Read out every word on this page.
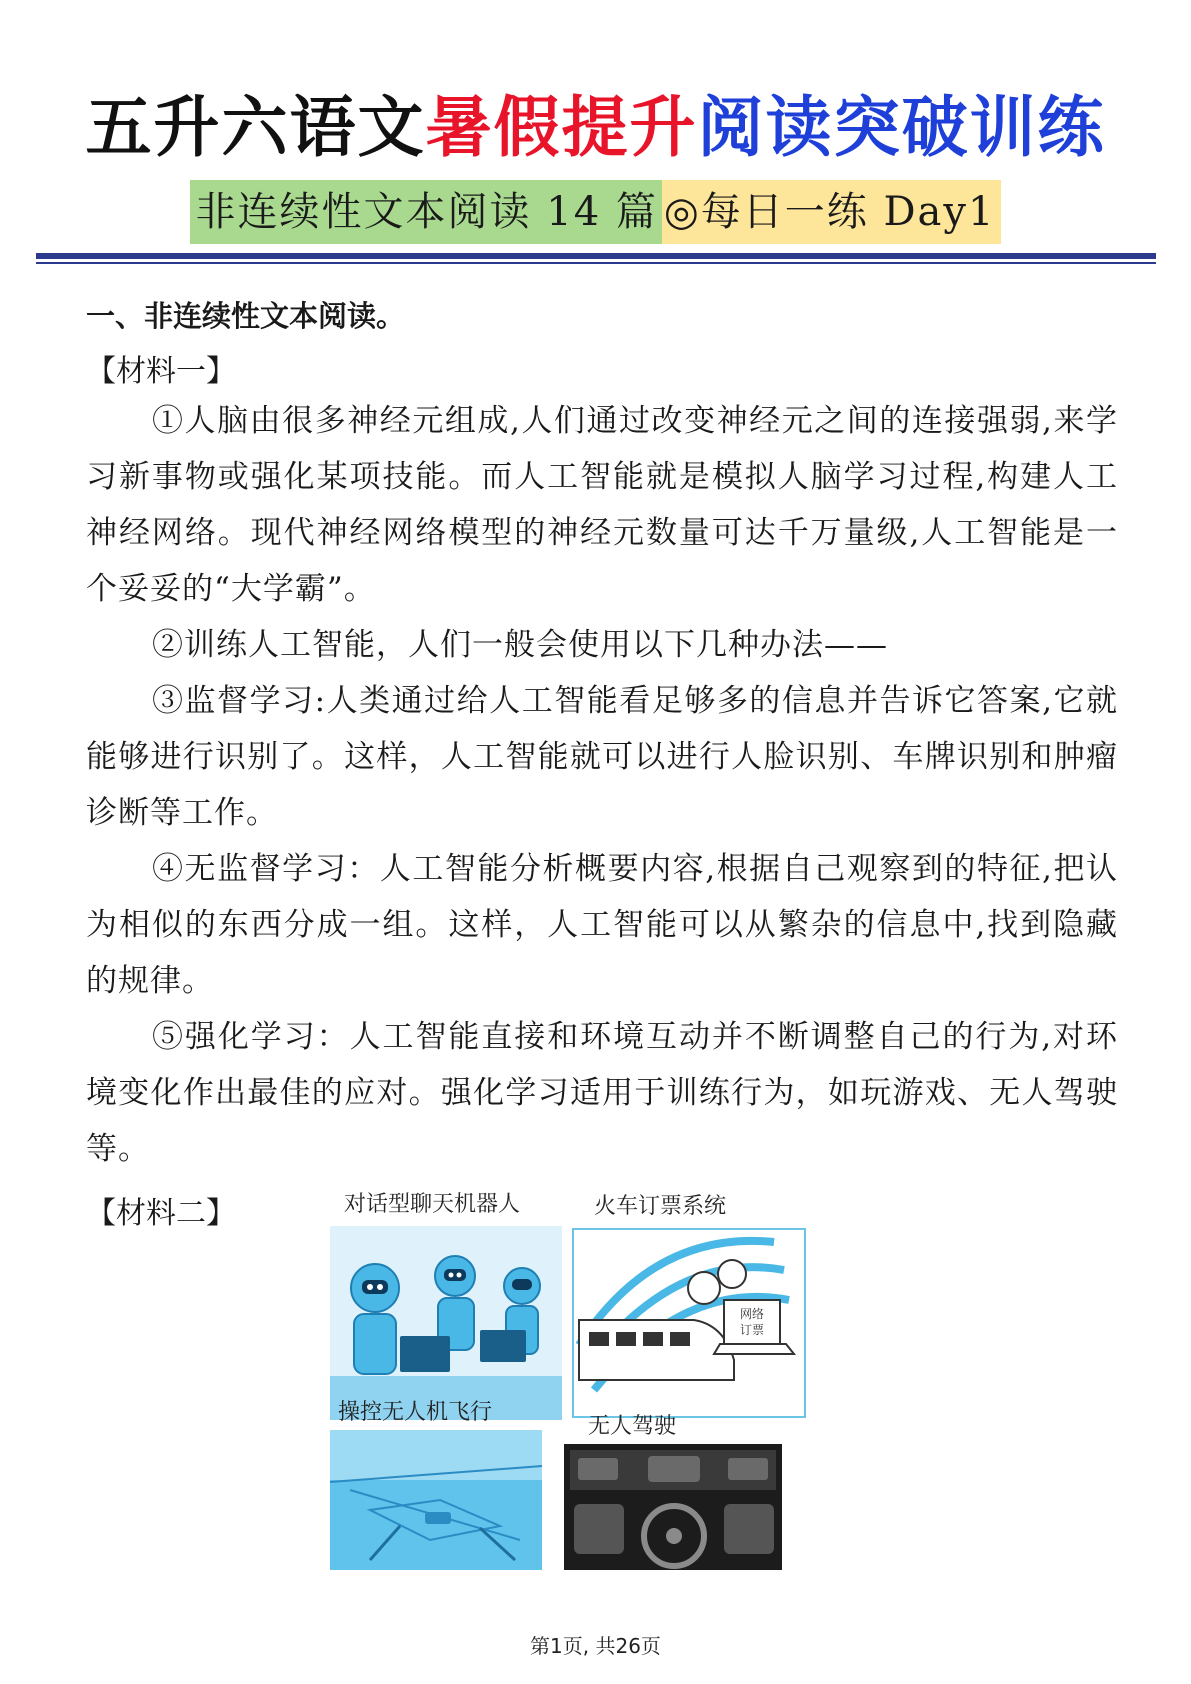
五升六语文暑假提升阅读突破训练
非连续性文本阅读 14 篇 ◎每日一练 Day1
一、非连续性文本阅读。
【材料一】

①人脑由很多神经元组成,人们通过改变神经元之间的连接强弱,来学习新事物或强化某项技能。而人工智能就是模拟人脑学习过程,构建人工神经网络。现代神经网络模型的神经元数量可达千万量级,人工智能是一个妥妥的“大学霸”。

②训练人工智能，人们一般会使用以下几种办法——

③监督学习:人类通过给人工智能看足够多的信息并告诉它答案,它就能够进行识别了。这样，人工智能就可以进行人脸识别、车牌识别和肿瘤诊断等工作。

④无监督学习：人工智能分析概要内容,根据自己观察到的特征,把认为相似的东西分成一组。这样，人工智能可以从繁杂的信息中,找到隐藏的规律。

⑤强化学习：人工智能直接和环境互动并不断调整自己的行为,对环境变化作出最佳的应对。强化学习适用于训练行为，如玩游戏、无人驾驶等。

【材料二】	对话型聊天机器人	火车订票系统
网络
订票
操控无人机飞行
无人驾驶
第1页, 共26页
